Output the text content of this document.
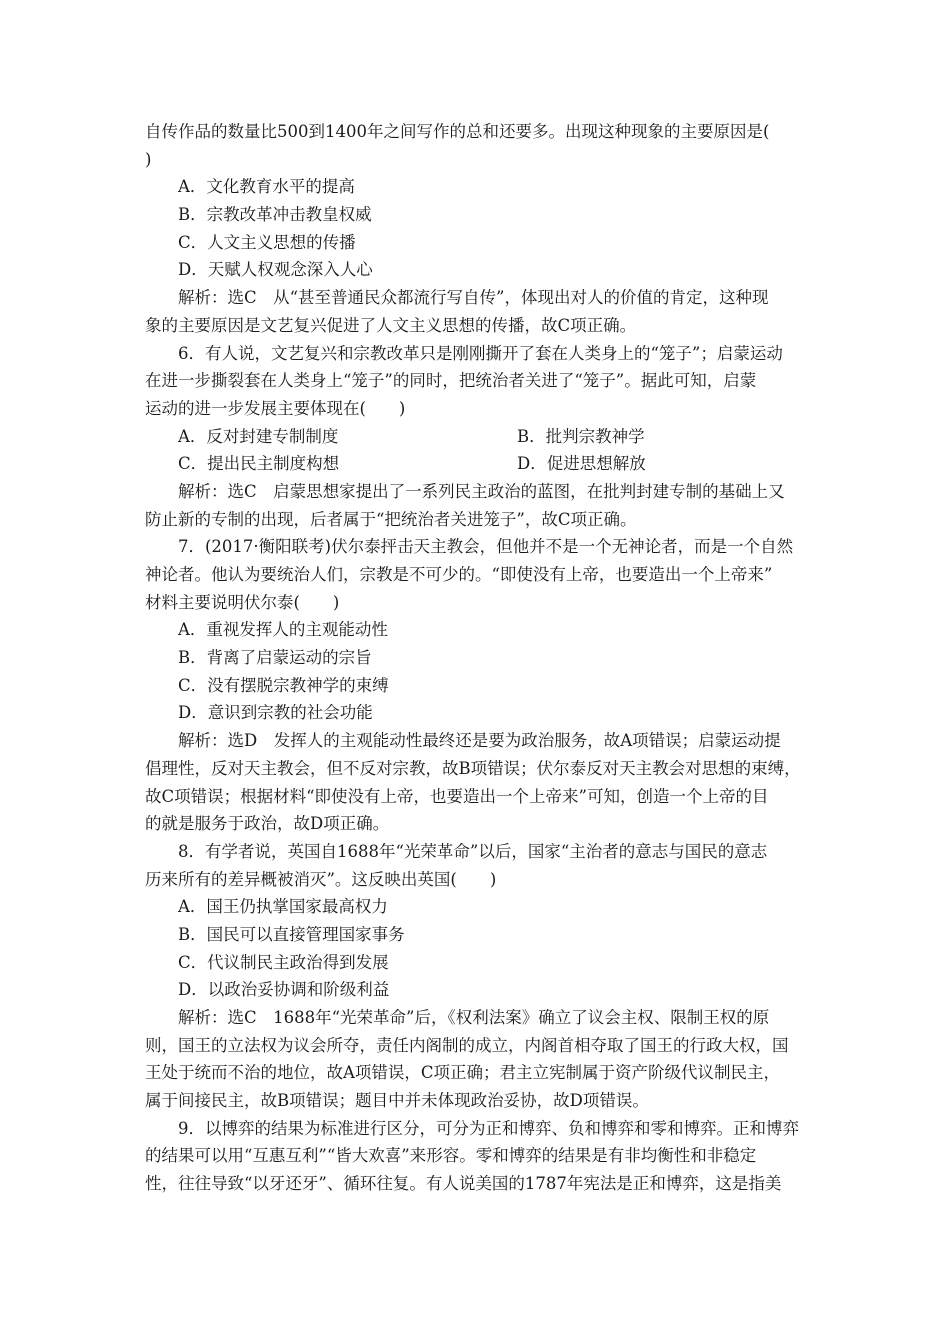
自传作品的数量比500到1400年之间写作的总和还要多。出现这种现象的主要原因是(
)
A．文化教育水平的提高
B．宗教改革冲击教皇权威
C．人文主义思想的传播
D．天赋人权观念深入人心
解析：选C　从“甚至普通民众都流行写自传”，体现出对人的价值的肯定，这种现
象的主要原因是文艺复兴促进了人文主义思想的传播，故C项正确。
6．有人说，文艺复兴和宗教改革只是刚刚撕开了套在人类身上的“笼子”；启蒙运动
在进一步撕裂套在人类身上“笼子”的同时，把统治者关进了“笼子”。据此可知，启蒙
运动的进一步发展主要体现在(　　)
A．反对封建专制制度	B．批判宗教神学
C．提出民主制度构想	D．促进思想解放
解析：选C　启蒙思想家提出了一系列民主政治的蓝图，在批判封建专制的基础上又
防止新的专制的出现，后者属于“把统治者关进笼子”，故C项正确。
7．(2017·衡阳联考)伏尔泰抨击天主教会，但他并不是一个无神论者，而是一个自然
神论者。他认为要统治人们，宗教是不可少的。“即使没有上帝，也要造出一个上帝来”
材料主要说明伏尔泰(　　)
A．重视发挥人的主观能动性
B．背离了启蒙运动的宗旨
C．没有摆脱宗教神学的束缚
D．意识到宗教的社会功能
解析：选D　发挥人的主观能动性最终还是要为政治服务，故A项错误；启蒙运动提
倡理性，反对天主教会，但不反对宗教，故B项错误；伏尔泰反对天主教会对思想的束缚，
故C项错误；根据材料“即使没有上帝，也要造出一个上帝来”可知，创造一个上帝的目
的就是服务于政治，故D项正确。
8．有学者说，英国自1688年“光荣革命”以后，国家“主治者的意志与国民的意志
历来所有的差异概被消灭”。这反映出英国(　　)
A．国王仍执掌国家最高权力
B．国民可以直接管理国家事务
C．代议制民主政治得到发展
D．以政治妥协调和阶级利益
解析：选C　1688年“光荣革命”后，《权利法案》确立了议会主权、限制王权的原
则，国王的立法权为议会所夺，责任内阁制的成立，内阁首相夺取了国王的行政大权，国
王处于统而不治的地位，故A项错误，C项正确；君主立宪制属于资产阶级代议制民主，
属于间接民主，故B项错误；题目中并未体现政治妥协，故D项错误。
9．以博弈的结果为标准进行区分，可分为正和博弈、负和博弈和零和博弈。正和博弈
的结果可以用“互惠互利”“皆大欢喜”来形容。零和博弈的结果是有非均衡性和非稳定
性，往往导致“以牙还牙”、循环往复。有人说美国的1787年宪法是正和博弈，这是指美
